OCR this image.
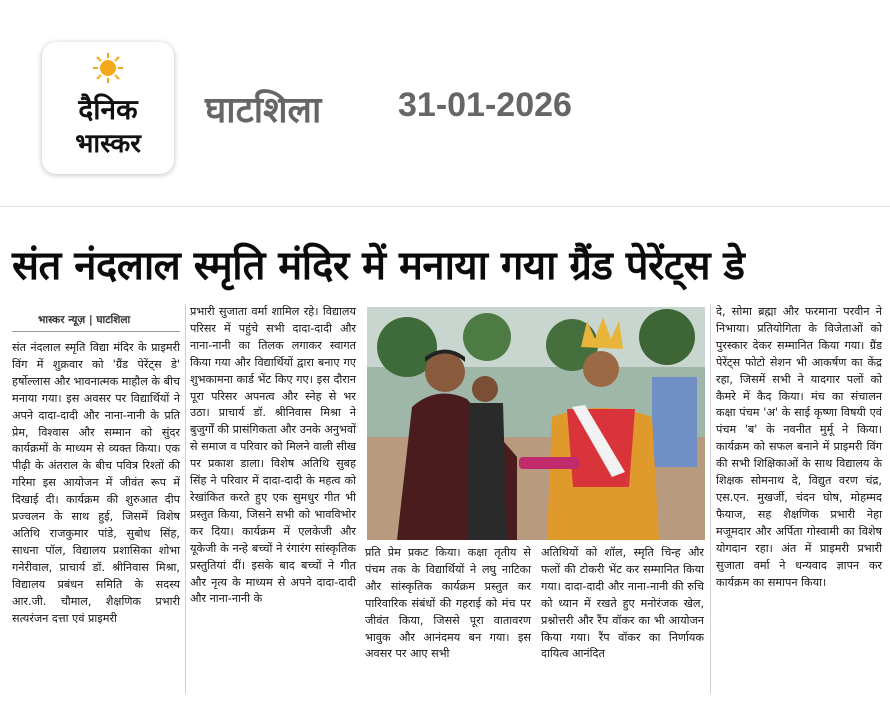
दैनिक
भास्कर
घाटशिला 31-01-2026
संत नंदलाल स्मृति मंदिर में मनाया गया ग्रैंड पेरेंट्स डे
भास्कर न्यूज़ | घाटशिला

संत नंदलाल स्मृति विद्या मंदिर के प्राइमरी विंग में शुक्रवार को 'ग्रैंड पेरेंट्स डे' हर्षोल्लास और भावनात्मक माहौल के बीच मनाया गया। इस अवसर पर विद्यार्थियों ने अपने दादा-दादी और नाना-नानी के प्रति प्रेम, विश्वास और सम्मान को सुंदर कार्यक्रमों के माध्यम से व्यक्त किया। एक पीढ़ी के अंतराल के बीच पवित्र रिश्तों की गरिमा इस आयोजन में जीवंत रूप में दिखाई दी। कार्यक्रम की शुरुआत दीप प्रज्वलन के साथ हुई, जिसमें विशेष अतिथि राजकुमार पांडे, सुबोध सिंह, साधना पॉल, विद्यालय प्रशासिका शोभा गनेरीवाल, प्राचार्य डॉ. श्रीनिवास मिश्रा, विद्यालय प्रबंधन समिति के सदस्य आर.जी. चौमाल, शैक्षणिक प्रभारी सत्यरंजन दत्ता एवं प्राइमरी

प्रभारी सुजाता वर्मा शामिल रहे। विद्यालय परिसर में पहुंचे सभी दादा-दादी और नाना-नानी का तिलक लगाकर स्वागत किया गया और विद्यार्थियों द्वारा बनाए गए शुभकामना कार्ड भेंट किए गए। इस दौरान पूरा परिसर अपनत्व और स्नेह से भर उठा। प्राचार्य डॉ. श्रीनिवास मिश्रा ने बुजुर्गों की प्रासंगिकता और उनके अनुभवों से समाज व परिवार को मिलने वाली सीख पर प्रकाश डाला। विशेष अतिथि सुबह सिंह ने परिवार में दादा-दादी के महत्व को रेखांकित करते हुए एक सुमधुर गीत भी प्रस्तुत किया, जिसने सभी को भावविभोर कर दिया। कार्यक्रम में एलकेजी और यूकेजी के नन्हे बच्चों ने रंगारंग सांस्कृतिक प्रस्तुतियां दीं। इसके बाद बच्चों ने गीत और नृत्य के माध्यम से अपने दादा-दादी और नाना-नानी के

प्रति प्रेम प्रकट किया। कक्षा तृतीय से पंचम तक के विद्यार्थियों ने लघु नाटिका और सांस्कृतिक कार्यक्रम प्रस्तुत कर पारिवारिक संबंधों की गहराई को मंच पर जीवंत किया, जिससे पूरा वातावरण भावुक और आनंदमय बन गया। इस अवसर पर आए सभी

अतिथियों को शॉल, स्मृति चिन्ह और फलों की टोकरी भेंट कर सम्मानित किया गया। दादा-दादी और नाना-नानी की रुचि को ध्यान में रखते हुए मनोरंजक खेल, प्रश्नोत्तरी और रैंप वॉकर का भी आयोजन किया गया। रैंप वॉकर का निर्णायक दायित्व आनंदित

दे, सोमा ब्रह्मा और फरमाना परवीन ने निभाया। प्रतियोगिता के विजेताओं को पुरस्कार देकर सम्मानित किया गया। ग्रैंड पेरेंट्स फोटो सेशन भी आकर्षण का केंद्र रहा, जिसमें सभी ने यादगार पलों को कैमरे में कैद किया। मंच का संचालन कक्षा पंचम 'अ' के साई कृष्णा विषयी एवं पंचम 'ब' के नवनीत मुर्मू ने किया। कार्यक्रम को सफल बनाने में प्राइमरी विंग की सभी शिक्षिकाओं के साथ विद्यालय के शिक्षक सोमनाथ दे, विद्युत वरण चंद्र, एस.एन. मुखर्जी, चंदन घोष, मोहम्मद फैयाज, सह शैक्षणिक प्रभारी नेहा मजूमदार और अर्पिता गोस्वामी का विशेष योगदान रहा। अंत में प्राइमरी प्रभारी सुजाता वर्मा ने धन्यवाद ज्ञापन कर कार्यक्रम का समापन किया।
